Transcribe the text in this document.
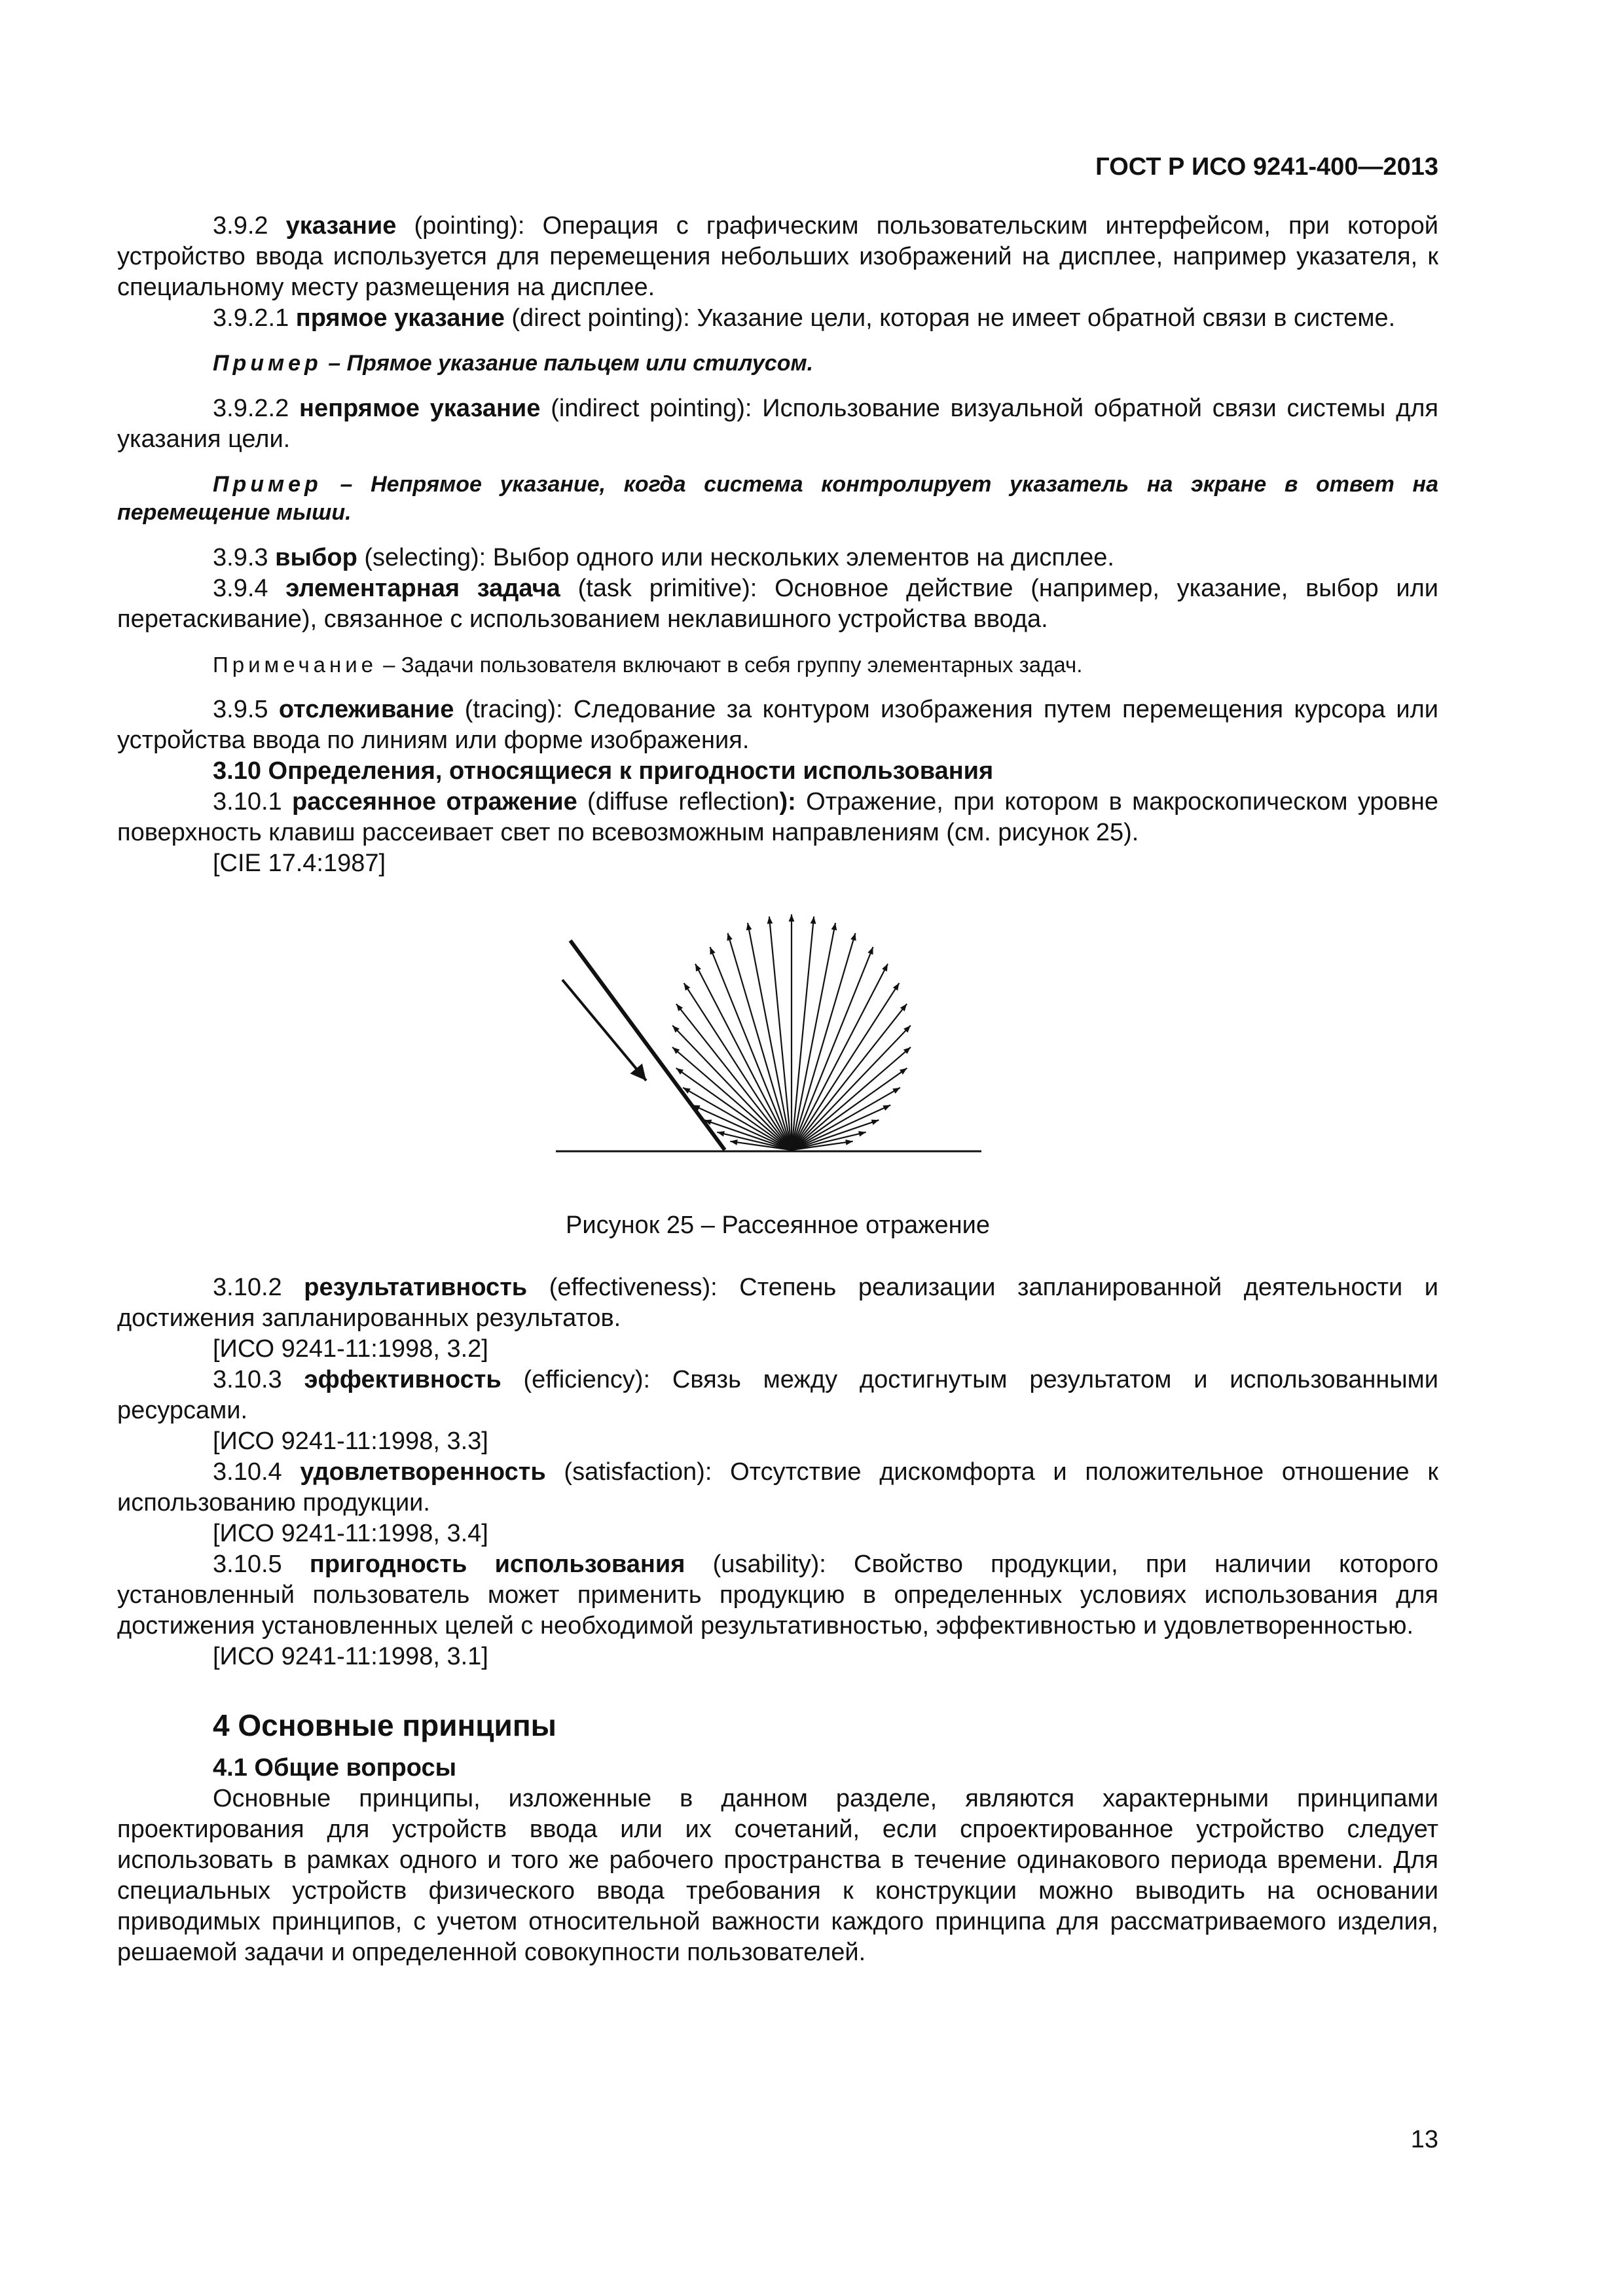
ГОСТ Р ИСО 9241-400—2013

3.9.2 указание (pointing): Операция с графическим пользовательским интерфейсом, при которой устройство ввода используется для перемещения небольших изображений на дисплее, например указателя, к специальному месту размещения на дисплее.

3.9.2.1 прямое указание (direct pointing): Указание цели, которая не имеет обратной связи в системе.

Пример – Прямое указание пальцем или стилусом.

3.9.2.2 непрямое указание (indirect pointing): Использование визуальной обратной связи системы для указания цели.

Пример – Непрямое указание, когда система контролирует указатель на экране в ответ на перемещение мыши.

3.9.3 выбор (selecting): Выбор одного или нескольких элементов на дисплее.

3.9.4 элементарная задача (task primitive): Основное действие (например, указание, выбор или перетаскивание), связанное с использованием неклавишного устройства ввода.

Примечание – Задачи пользователя включают в себя группу элементарных задач.

3.9.5 отслеживание (tracing): Следование за контуром изображения путем перемещения курсора или устройства ввода по линиям или форме изображения.

3.10 Определения, относящиеся к пригодности использования

3.10.1 рассеянное отражение (diffuse reflection): Отражение, при котором в макроскопическом уровне поверхность клавиш рассеивает свет по всевозможным направлениям (см. рисунок 25).

[CIE 17.4:1987]

Рисунок 25 – Рассеянное отражение

3.10.2 результативность (effectiveness): Степень реализации запланированной деятельности и достижения запланированных результатов.

[ИСО 9241-11:1998, 3.2]

3.10.3 эффективность (efficiency): Связь между достигнутым результатом и использованными ресурсами.

[ИСО 9241-11:1998, 3.3]

3.10.4 удовлетворенность (satisfaction): Отсутствие дискомфорта и положительное отношение к использованию продукции.

[ИСО 9241-11:1998, 3.4]

3.10.5 пригодность использования (usability): Свойство продукции, при наличии которого установленный пользователь может применить продукцию в определенных условиях использования для достижения установленных целей с необходимой результативностью, эффективностью и удовлетворенностью.

[ИСО 9241-11:1998, 3.1]

4 Основные принципы

4.1 Общие вопросы

Основные принципы, изложенные в данном разделе, являются характерными принципами проектирования для устройств ввода или их сочетаний, если спроектированное устройство следует использовать в рамках одного и того же рабочего пространства в течение одинакового периода времени. Для специальных устройств физического ввода требования к конструкции можно выводить на основании приводимых принципов, с учетом относительной важности каждого принципа для рассматриваемого изделия, решаемой задачи и определенной совокупности пользователей.

13
